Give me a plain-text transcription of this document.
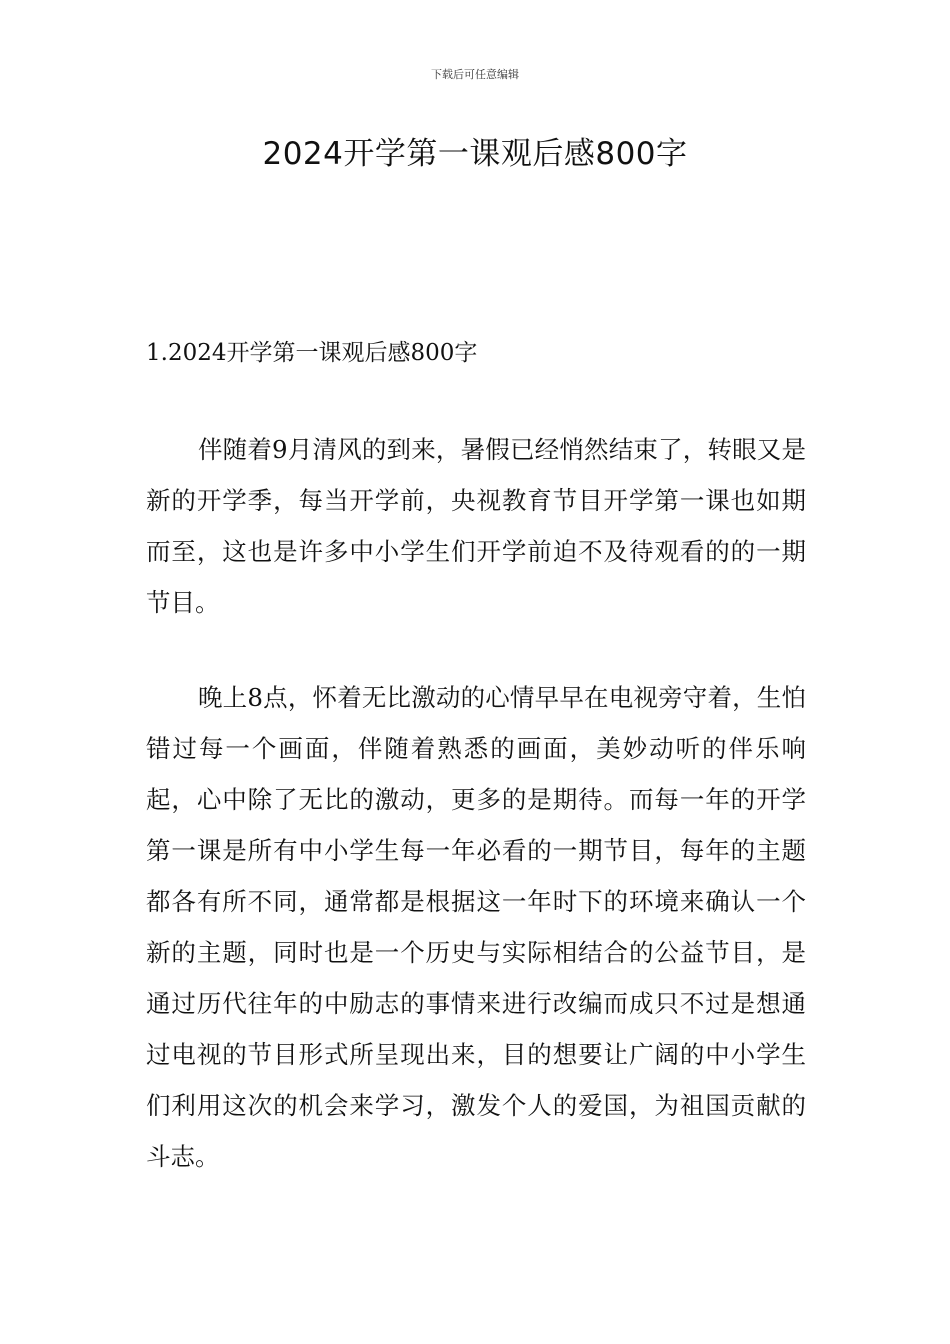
下载后可任意编辑
2024开学第一课观后感800字
1.2024开学第一课观后感800字

伴随着9月清风的到来，暑假已经悄然结束了，转眼又是新的开学季，每当开学前，央视教育节目开学第一课也如期而至，这也是许多中小学生们开学前迫不及待观看的的一期节目。

晚上8点，怀着无比激动的心情早早在电视旁守着，生怕错过每一个画面，伴随着熟悉的画面，美妙动听的伴乐响起，心中除了无比的激动，更多的是期待。而每一年的开学第一课是所有中小学生每一年必看的一期节目，每年的主题都各有所不同，通常都是根据这一年时下的环境来确认一个新的主题，同时也是一个历史与实际相结合的公益节目，是通过历代往年的中励志的事情来进行改编而成只不过是想通过电视的节目形式所呈现出来，目的想要让广阔的中小学生们利用这次的机会来学习，激发个人的爱国，为祖国贡献的斗志。
